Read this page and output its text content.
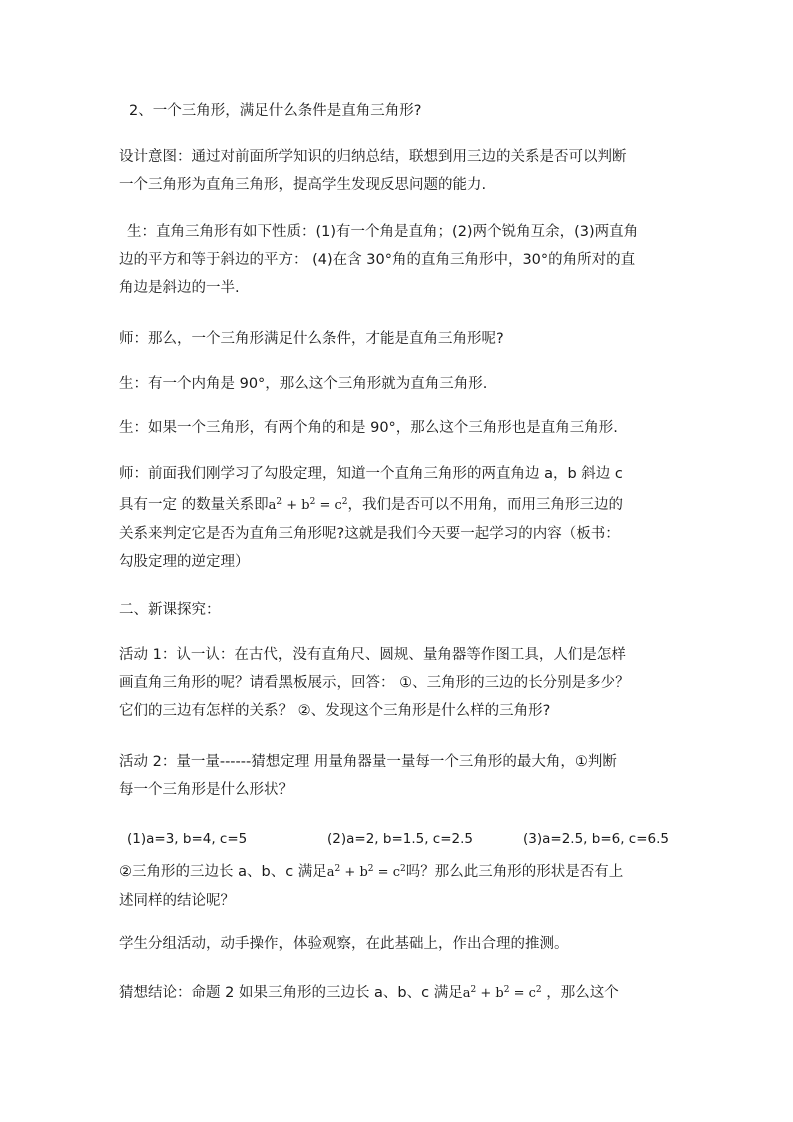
2、一个三角形，满足什么条件是直角三角形?

设计意图：通过对前面所学知识的归纳总结，联想到用三边的关系是否可以判断
一个三角形为直角三角形，提高学生发现反思问题的能力.

生：直角三角形有如下性质：(1)有一个角是直角；(2)两个锐角互余，(3)两直角
边的平方和等于斜边的平方： (4)在含 30°角的直角三角形中，30°的角所对的直
角边是斜边的一半.

师：那么，一个三角形满足什么条件，才能是直角三角形呢?

生：有一个内角是 90°，那么这个三角形就为直角三角形.

生：如果一个三角形，有两个角的和是 90°，那么这个三角形也是直角三角形.

师：前面我们刚学习了勾股定理，知道一个直角三角形的两直角边 a，b 斜边 c
具有一定 的数量关系即$a^2 + b^2 = c^2$，我们是否可以不用角，而用三角形三边的
关系来判定它是否为直角三角形呢?这就是我们今天要一起学习的内容（板书：
勾股定理的逆定理）

二、新课探究：

活动 1：认一认：在古代，没有直角尺、圆规、量角器等作图工具，人们是怎样
画直角三角形的呢？请看黑板展示，回答： ①、三角形的三边的长分别是多少？
它们的三边有怎样的关系？ ②、发现这个三角形是什么样的三角形?

活动 2：量一量------猜想定理 用量角器量一量每一个三角形的最大角，①判断
每一个三角形是什么形状？

(1)a=3, b=4, c=5	(2)a=2, b=1.5, c=2.5	(3)a=2.5, b=6, c=6.5

②三角形的三边长 a、b、c 满足$a^2 + b^2 = c^2$吗？那么此三角形的形状是否有上
述同样的结论呢？

学生分组活动，动手操作，体验观察，在此基础上，作出合理的推测。

猜想结论：命题 2 如果三角形的三边长 a、b、c 满足$a^2 + b^2 = c^2$ ，那么这个
